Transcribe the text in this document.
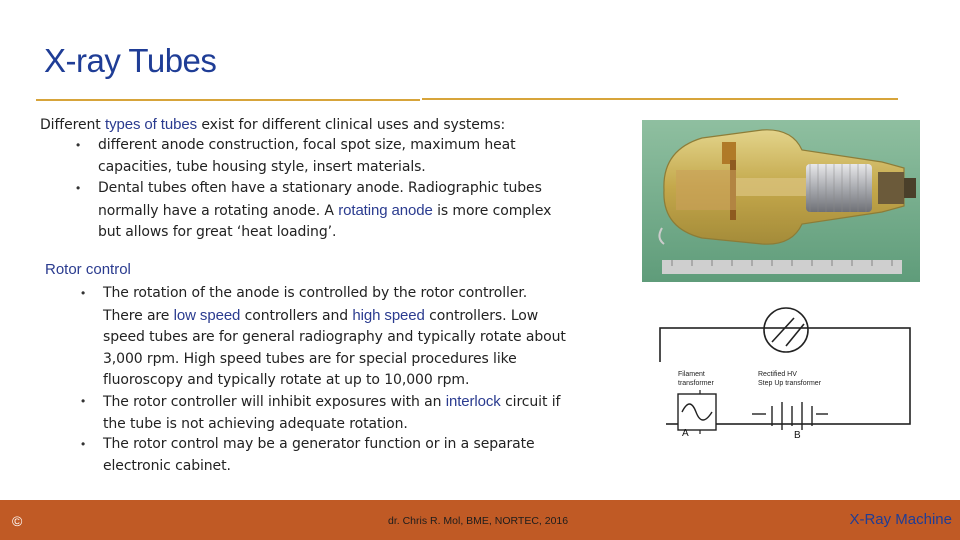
X-ray Tubes
Different types of tubes exist for different clinical uses and systems:
• different anode construction, focal spot size, maximum heat
capacities, tube housing style, insert materials.
• Dental tubes often have a stationary anode. Radiographic tubes
normally have a rotating anode. A rotating anode is more complex
but allows for great ‘heat loading’.
Rotor control
• The rotation of the anode is controlled by the rotor controller.
There are low speed controllers and high speed controllers. Low
speed tubes are for general radiography and typically rotate about
3,000 rpm. High speed tubes are for special procedures like
fluoroscopy and typically rotate at up to 10,000 rpm.
• The rotor controller will inhibit exposures with an interlock circuit if
the tube is not achieving adequate rotation.
• The rotor control may be a generator function or in a separate
electronic cabinet.
A	B
Filament
transformer
Rectified HV
Step Up transformer
©	dr. Chris R. Mol, BME, NORTEC, 2016	X-Ray Machine
